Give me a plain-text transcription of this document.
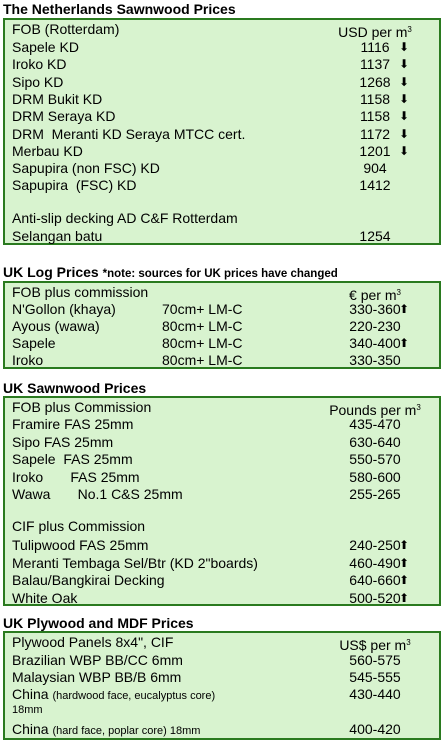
The Netherlands Sawnwood Prices
FOB (Rotterdam)	USD per $m^3$
Sapele KD	1116 ⬇
Iroko KD	1137 ⬇
Sipo KD	1268 ⬇
DRM Bukit KD	1158 ⬇
DRM Seraya KD	1158 ⬇
DRM  Meranti KD Seraya MTCC cert.	1172 ⬇
Merbau KD	1201 ⬇
Sapupira (non FSC) KD	904
Sapupira  (FSC) KD	1412
Anti-slip decking AD C&F Rotterdam
Selangan batu	1254
UK Log Prices *note: sources for UK prices have changed
FOB plus commission	€ per $m^3$
N'Gollon (khaya)	70cm+ LM-C	330-360
⬆
Ayous (wawa)	80cm+ LM-C	220-230
Sapele	80cm+ LM-C	340-400
⬆
Iroko	80cm+ LM-C	330-350
UK Sawnwood Prices
FOB plus Commission	Pounds per $m^3$
Framire FAS 25mm	435-470
Sipo FAS 25mm	630-640
Sapele  FAS 25mm	550-570
Iroko       FAS 25mm	580-600
Wawa       No.1 C&S 25mm	255-265
CIF plus Commission
Tulipwood FAS 25mm	240-250
⬆
Meranti Tembaga Sel/Btr (KD 2"boards)	460-490
⬆
Balau/Bangkirai Decking	640-660
⬆
White Oak	500-520
⬆
UK Plywood and MDF Prices
Plywood Panels 8x4", CIF	US$ per $m^3$
Brazilian WBP BB/CC 6mm	560-575
Malaysian WBP BB/B 6mm	545-555
China (hardwood face, eucalyptus core)	430-440
18mm
China (hard face, poplar core) 18mm	400-420
